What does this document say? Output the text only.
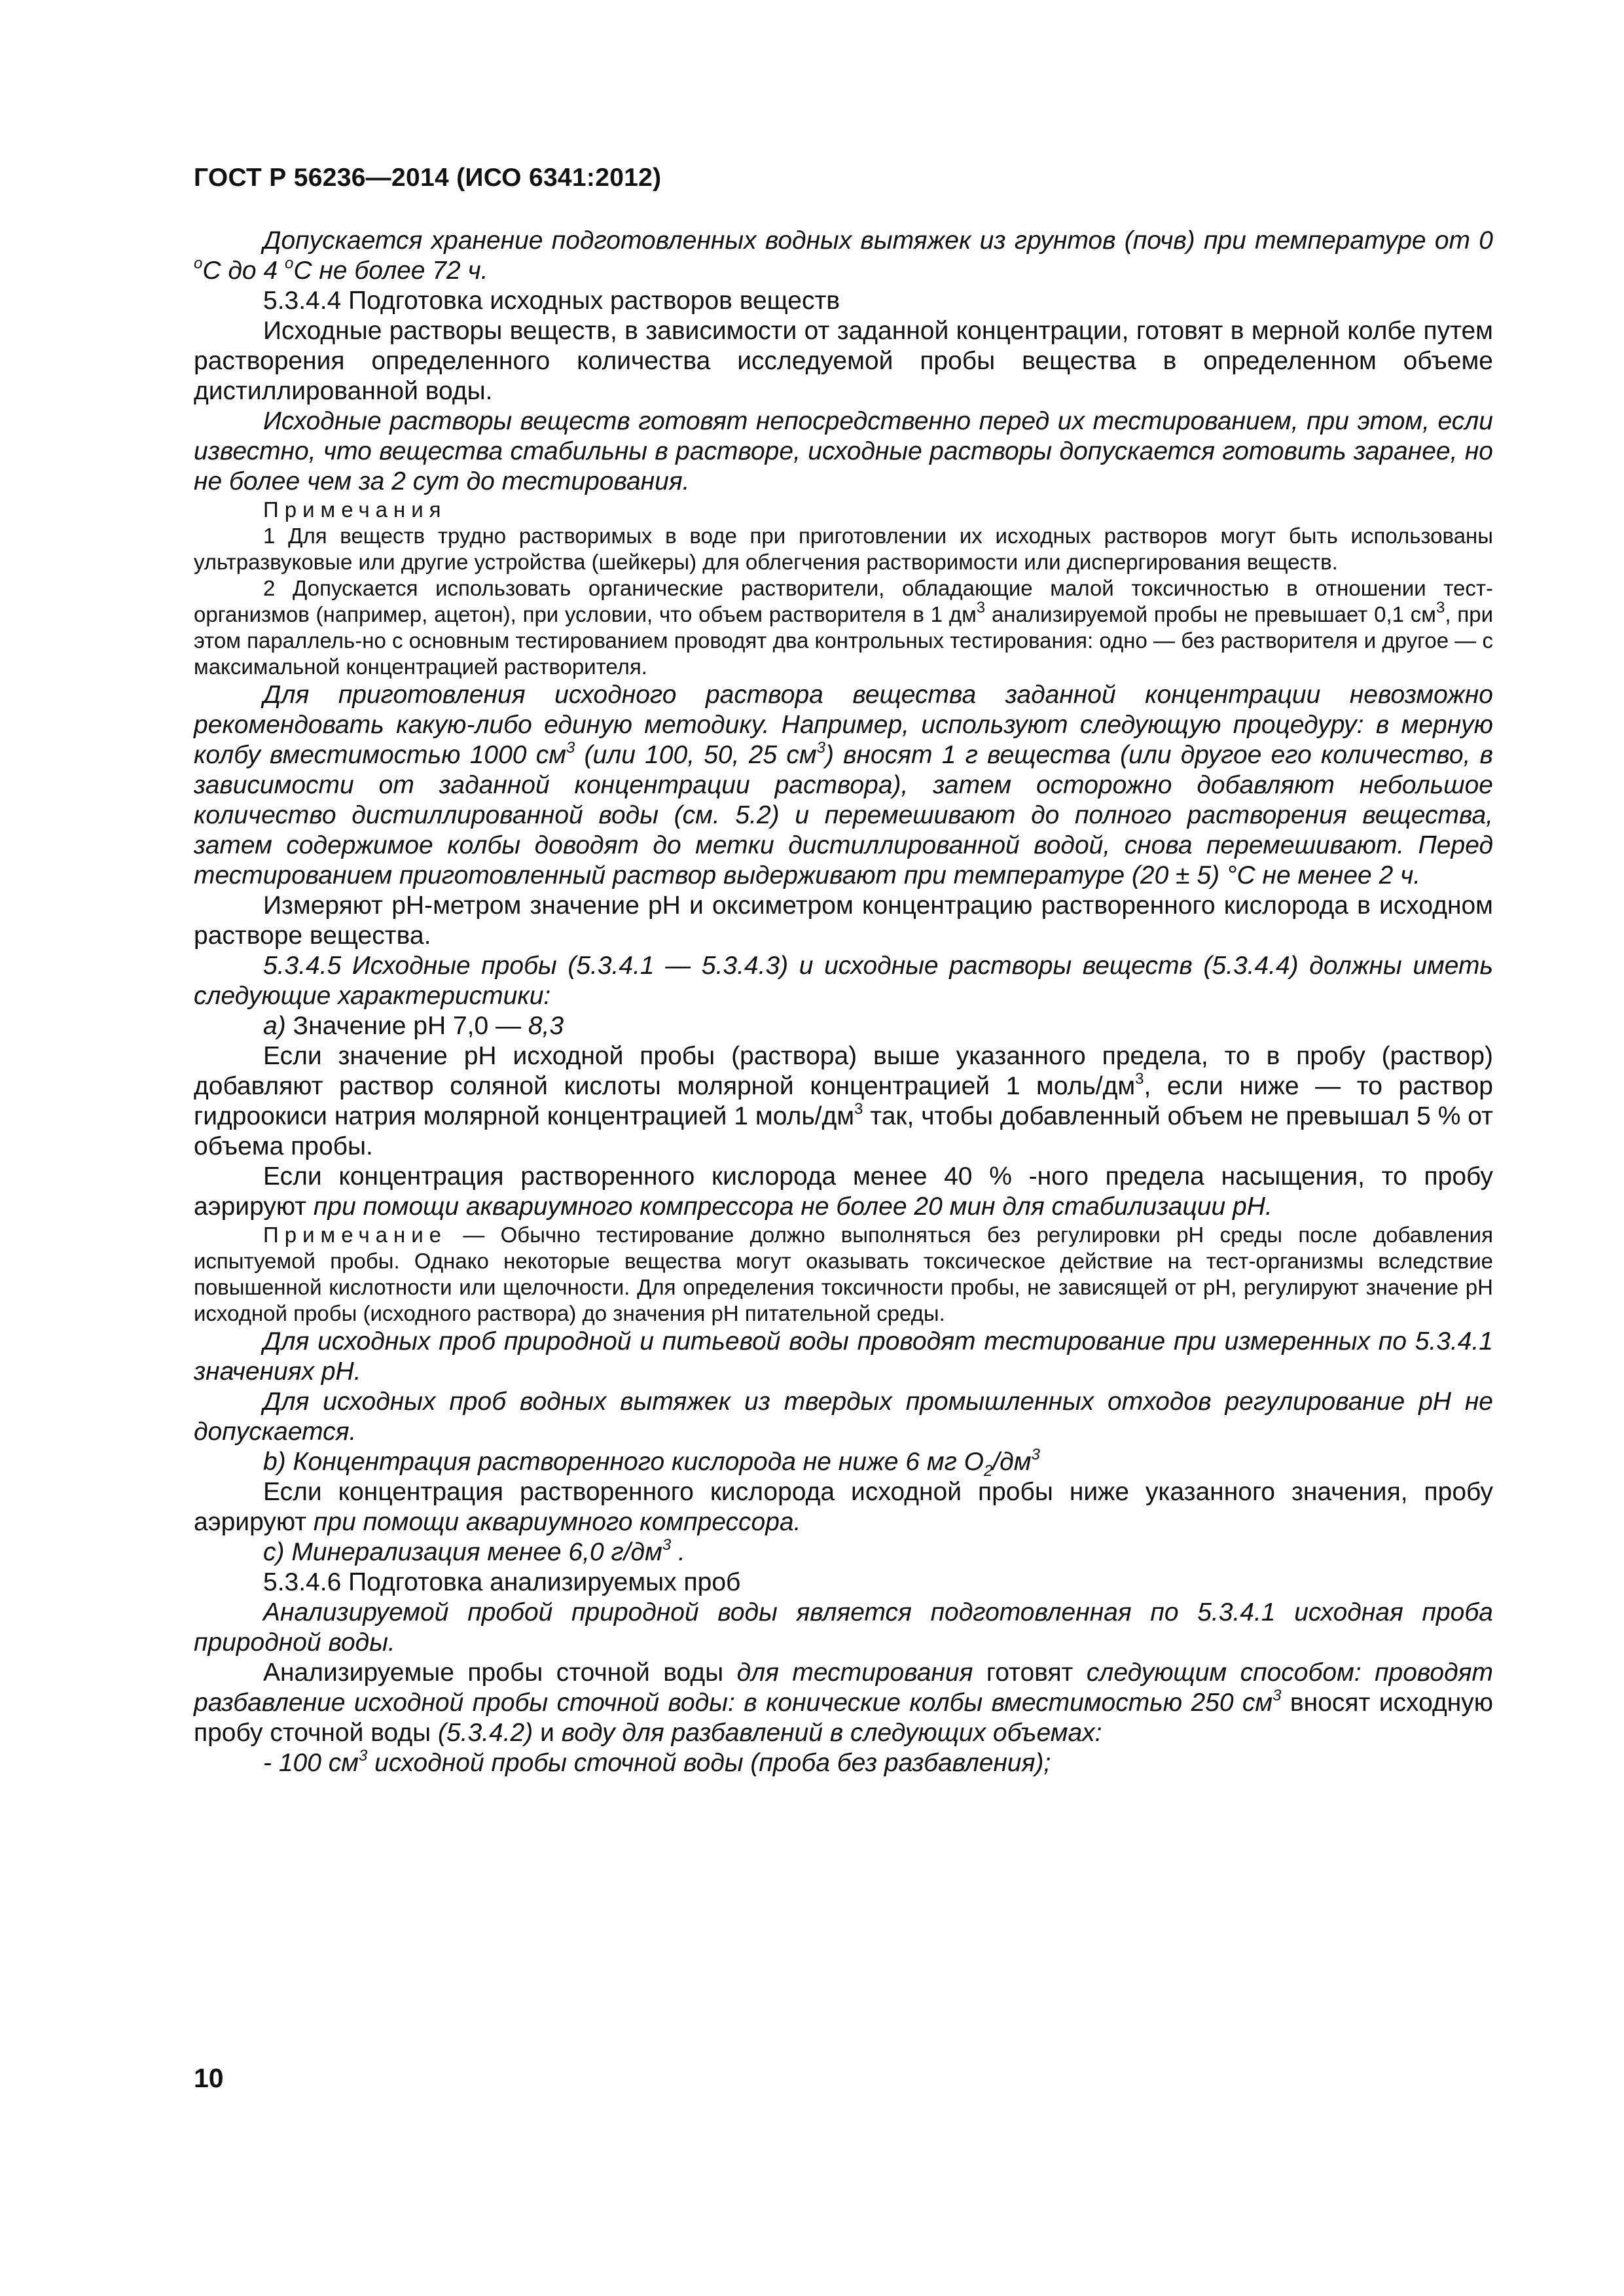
ГОСТ Р 56236—2014 (ИСО 6341:2012)

Допускается хранение подготовленных водных вытяжек из грунтов (почв) при температуре от 0 $^o$С до 4 $^o$С не более 72 ч.

5.3.4.4 Подготовка исходных растворов веществ

Исходные растворы веществ, в зависимости от заданной концентрации, готовят в мерной колбе путем растворения определенного количества исследуемой пробы вещества в определенном объеме дистиллированной воды.

Исходные растворы веществ готовят непосредственно перед их тестированием, при этом, если известно, что вещества стабильны в растворе, исходные растворы допускается готовить заранее, но не более чем за 2 сут до тестирования.

Примечания

1 Для веществ трудно растворимых в воде при приготовлении их исходных растворов могут быть использованы ультразвуковые или другие устройства (шейкеры) для облегчения растворимости или диспергирования веществ.

2 Допускается использовать органические растворители, обладающие малой токсичностью в отношении тест-организмов (например, ацетон), при условии, что объем растворителя в 1 $дм^3$ анализируемой пробы не превышает 0,1 $см^3$, при этом параллель-но с основным тестированием проводят два контрольных тестирования: одно — без растворителя и другое — с максимальной концентрацией растворителя.

Для приготовления исходного раствора вещества заданной концентрации невозможно рекомендовать какую-либо единую методику. Например, используют следующую процедуру: в мерную колбу вместимостью 1000 $см^3$ (или 100, 50, 25 $см^3$) вносят 1 г вещества (или другое его количество, в зависимости от заданной концентрации раствора), затем осторожно добавляют небольшое количество дистиллированной воды (см. 5.2) и перемешивают до полного растворения вещества, затем содержимое колбы доводят до метки дистиллированной водой, снова перемешивают. Перед тестированием приготовленный раствор выдерживают при температуре (20 ± 5) °С не менее 2 ч.

Измеряют рН-метром значение рН и оксиметром концентрацию растворенного кислорода в исходном растворе вещества.

5.3.4.5 Исходные пробы (5.3.4.1 — 5.3.4.3) и исходные растворы веществ (5.3.4.4) должны иметь следующие характеристики:

а) Значение рН 7,0 — 8,3

Если значение рН исходной пробы (раствора) выше указанного предела, то в пробу (раствор) добавляют раствор соляной кислоты молярной концентрацией 1 моль/$дм^3$, если ниже — то раствор гидроокиси натрия молярной концентрацией 1 моль/$дм^3$ так, чтобы добавленный объем не превышал 5 % от объема пробы.

Если концентрация растворенного кислорода менее 40 % -ного предела насыщения, то пробу аэрируют при помощи аквариумного компрессора не более 20 мин для стабилизации рН.

Примечание — Обычно тестирование должно выполняться без регулировки рН среды после добавления испытуемой пробы. Однако некоторые вещества могут оказывать токсическое действие на тест-организмы вследствие повышенной кислотности или щелочности. Для определения токсичности пробы, не зависящей от рН, регулируют значение рН исходной пробы (исходного раствора) до значения рН питательной среды.

Для исходных проб природной и питьевой воды проводят тестирование при измеренных по 5.3.4.1 значениях рН.

Для исходных проб водных вытяжек из твердых промышленных отходов регулирование рН не допускается.

b) Концентрация растворенного кислорода не ниже 6 мг $O_2/дм^3$

Если концентрация растворенного кислорода исходной пробы ниже указанного значения, пробу аэрируют при помощи аквариумного компрессора.

с) Минерализация менее 6,0 $г/дм^3$ .

5.3.4.6 Подготовка анализируемых проб

Анализируемой пробой природной воды является подготовленная по 5.3.4.1 исходная проба природной воды.

Анализируемые пробы сточной воды для тестирования готовят следующим способом: проводят разбавление исходной пробы сточной воды: в конические колбы вместимостью 250 $см^3$ вносят исходную пробу сточной воды (5.3.4.2) и воду для разбавлений в следующих объемах:

- 100 $см^3$ исходной пробы сточной воды (проба без разбавления);

10
